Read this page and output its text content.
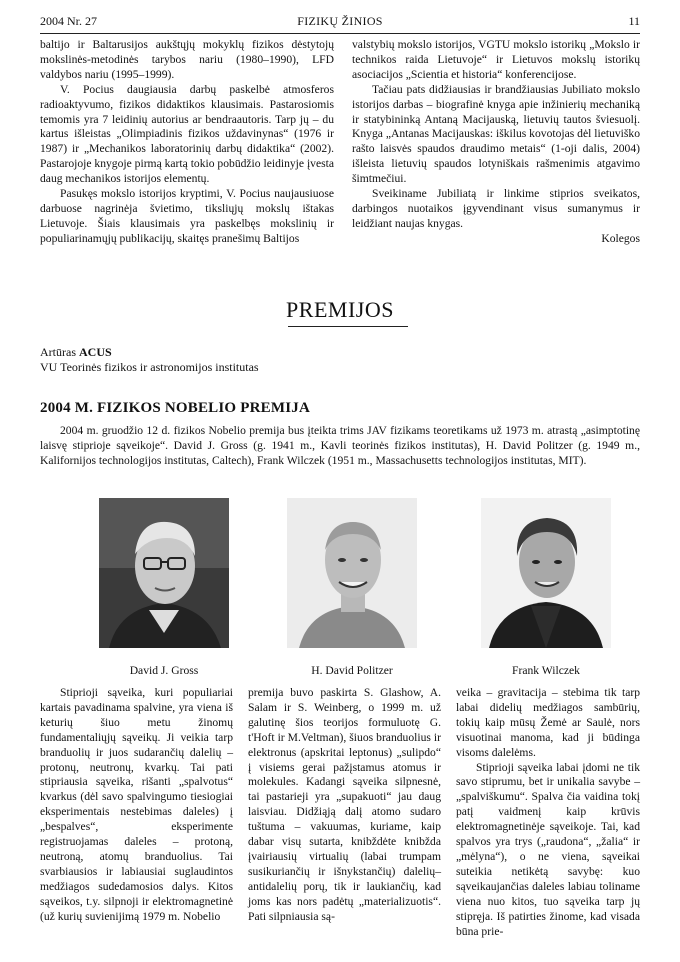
2004 Nr. 27	FIZIKŲ ŽINIOS	11

baltijo ir Baltarusijos aukštųjų mokyklų fizikos dėstytojų mokslinės-metodinės tarybos nariu (1980–1990), LFD valdybos nariu (1995–1999).

V. Pocius daugiausia darbų paskelbė atmosferos radioaktyvumo, fizikos didaktikos klausimais. Pastarosiomis temomis yra 7 leidinių autorius ar bendraautoris. Tarp jų – du kartus išleistas „Olimpiadinis fizikos uždavinynas“ (1976 ir 1987) ir „Mechanikos laboratorinių darbų didaktika“ (2002). Pastarojoje knygoje pirmą kartą tokio pobūdžio leidinyje įvesta daug mechanikos istorijos elementų.

Pasukęs mokslo istorijos kryptimi, V. Pocius naujausiuose darbuose nagrinėja švietimo, tiksliųjų mokslų ištakas Lietuvoje. Šiais klausimais yra paskelbęs mokslinių ir populiarinamųjų publikacijų, skaitęs pranešimų Baltijos

valstybių mokslo istorijos, VGTU mokslo istorikų „Mokslo ir technikos raida Lietuvoje“ ir Lietuvos mokslų istorikų asociacijos „Scientia et historia“ konferencijose.

Tačiau pats didžiausias ir brandžiausias Jubiliato mokslo istorijos darbas – biografinė knyga apie inžinierių mechaniką ir statybininką Antaną Macijauską, lietuvių tautos šviesuolį. Knyga „Antanas Macijauskas: iškilus kovotojas dėl lietuviško rašto laisvės spaudos draudimo metais“ (1-oji dalis, 2004) išleista lietuvių spaudos lotyniškais rašmenimis atgavimo šimtmečiui.

Sveikiname Jubiliatą ir linkime stiprios sveikatos, darbingos nuotaikos įgyvendinant visus sumanymus ir leidžiant naujas knygas.

Kolegos

PREMIJOS
Artūras ACUS
VU Teorinės fizikos ir astronomijos institutas
2004 M. FIZIKOS NOBELIO PREMIJA

2004 m. gruodžio 12 d. fizikos Nobelio premija bus įteikta trims JAV fizikams teoretikams už 1973 m. atrastą „asimptotinę laisvę stiprioje sąveikoje“. David J. Gross (g. 1941 m., Kavli teorinės fizikos institutas), H. David Politzer (g. 1949 m., Kalifornijos technologijos institutas, Caltech), Frank Wilczek (1951 m., Massachusetts technologijos institutas, MIT).

David J. Gross	H. David Politzer	Frank Wilczek

Stiprioji sąveika, kuri populiariai kartais pavadinama spalvine, yra viena iš keturių šiuo metu žinomų fundamentaliųjų sąveikų. Ji veikia tarp branduolių ir juos sudarančių dalelių – protonų, neutronų, kvarkų. Tai pati stipriausia sąveika, rišanti „spalvotus“ kvarkus (dėl savo spalvingumo tiesiogiai eksperimentais nestebimas daleles) į „bespalves“, eksperimente registruojamas daleles – protoną, neutroną, atomų branduolius. Tai svarbiausios ir labiausiai suglaudintos medžiagos sudedamosios dalys. Kitos sąveikos, t.y. silpnoji ir elektromagnetinė (už kurių suvienijimą 1979 m. Nobelio

premija buvo paskirta S. Glashow, A. Salam ir S. Weinberg, o 1999 m. už galutinę šios teorijos formuluotę G. t'Hoft ir M.Veltman), šiuos branduolius ir elektronus (apskritai leptonus) „sulipdo“ į visiems gerai pažįstamus atomus ir molekules. Kadangi sąveika silpnesnė, tai pastarieji yra „supakuoti“ jau daug laisviau. Didžiąją dalį atomo sudaro tuštuma – vakuumas, kuriame, kaip dabar visų sutarta, knibždėte knibžda įvairiausių virtualių (labai trumpam susikuriančių ir išnykstančių) dalelių–antidalelių porų, tik ir laukiančių, kad joms kas nors padėtų „materializuotis“. Pati silpniausia są-

veika – gravitacija – stebima tik tarp labai didelių medžiagos sambūrių, tokių kaip mūsų Žemė ar Saulė, nors visuotinai manoma, kad ji būdinga visoms dalelėms.

Stiprioji sąveika labai įdomi ne tik savo stiprumu, bet ir unikalia savybe – „spalviškumu“. Spalva čia vaidina tokį patį vaidmenį kaip krūvis elektromagnetinėje sąveikoje. Tai, kad spalvos yra trys („raudona“, „žalia“ ir „mėlyna“), o ne viena, sąveikai suteikia netikėtą savybę: kuo sąveikaujančias daleles labiau toliname viena nuo kitos, tuo sąveika tarp jų stipręja. Iš patirties žinome, kad visada būna prie-
